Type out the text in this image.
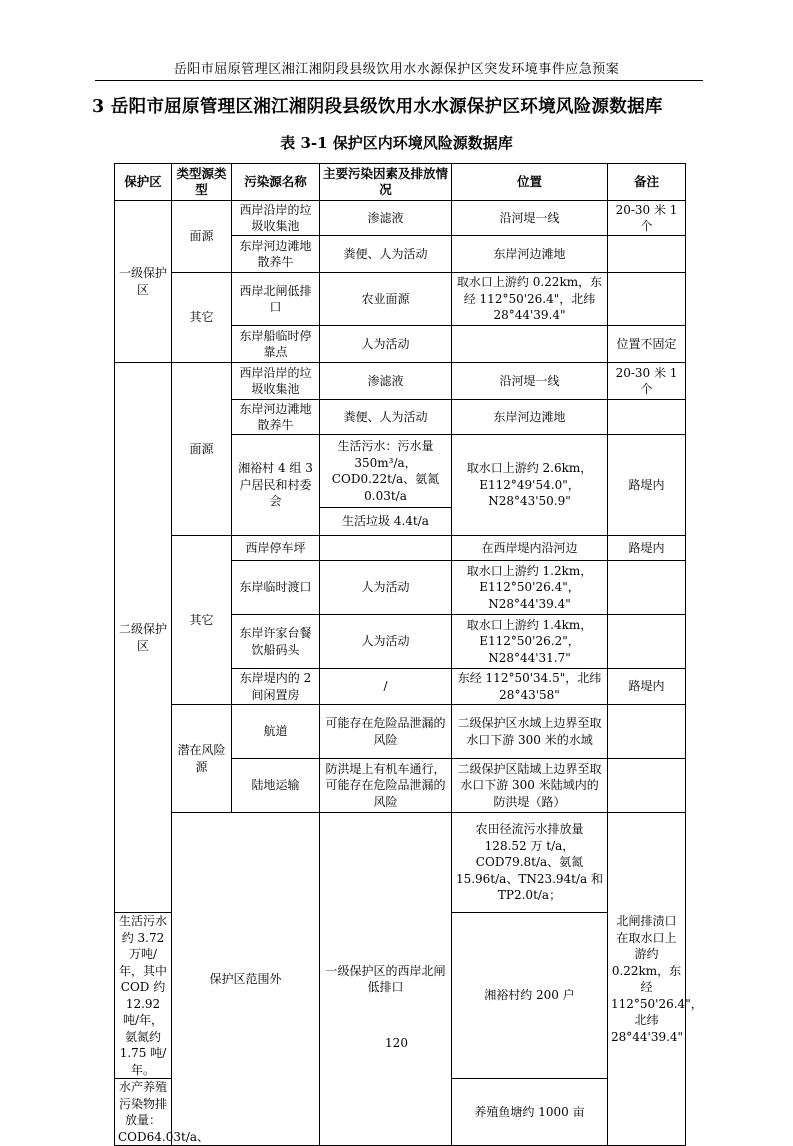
岳阳市屈原管理区湘江湘阴段县级饮用水水源保护区突发环境事件应急预案
3 岳阳市屈原管理区湘江湘阴段县级饮用水水源保护区环境风险源数据库
表 3-1 保护区内环境风险源数据库
保护区	类型源类型	污染源名称	主要污染因素及排放情况	位置	备注	
一级保护区	面源	西岸沿岸的垃圾收集池	渗滤液	沿河堤一线	20-30 米 1 个	
		东岸河边滩地散养牛	粪便、人为活动	东岸河边滩地		
	其它	西岸北闸低排口	农业面源	取水口上游约 0.22km，东经 112°50'26.4"，北纬 28°44'39.4"		
		东岸船临时停靠点	人为活动		位置不固定	
二级保护区	面源	西岸沿岸的垃圾收集池	渗滤液	沿河堤一线	20-30 米 1 个	
		东岸河边滩地散养牛	粪便、人为活动	东岸河边滩地		
		湘裕村 4 组 3 户居民和村委会	生活污水：污水量 350m³/a，COD0.22t/a、氨氮 0.03t/a	取水口上游约 2.6km，E112°49'54.0"，N28°43'50.9"	路堤内	
			生活垃圾 4.4t/a			
	其它	西岸停车坪		在西岸堤内沿河边	路堤内	
		东岸临时渡口	人为活动	取水口上游约 1.2km，E112°50'26.4"，N28°44'39.4"		
		东岸许家台餐饮船码头	人为活动	取水口上游约 1.4km，E112°50'26.2"，N28°44'31.7"		
		东岸堤内的 2 间闲置房	/	东经 112°50'34.5"，北纬 28°43'58"	路堤内	
	潜在风险源	航道	可能存在危险品泄漏的风险	二级保护区水域上边界至取水口下游 300 米的水域		
		陆地运输	防洪堤上有机车通行，可能存在危险品泄漏的风险	二级保护区陆域上边界至取水口下游 300 米陆域内的防洪堤（路）		
	保护区范围外		一级保护区的西岸北闸低排口	农田径流污水排放量 128.52 万 t/a，COD79.8t/a、氨氮 15.96t/a、TN23.94t/a 和 TP2.0t/a；	北闸排渍口在取水口上游约 0.22km，东经 112°50'26.4"，北纬 28°44'39.4"	
生活污水约 3.72 万吨/年，其中 COD 约 12.92 吨/年，氨氮约 1.75 吨/年。				湘裕村约 200 户		
水产养殖污染物排放量：COD64.03t/a、				养殖鱼塘约 1000 亩		
120
